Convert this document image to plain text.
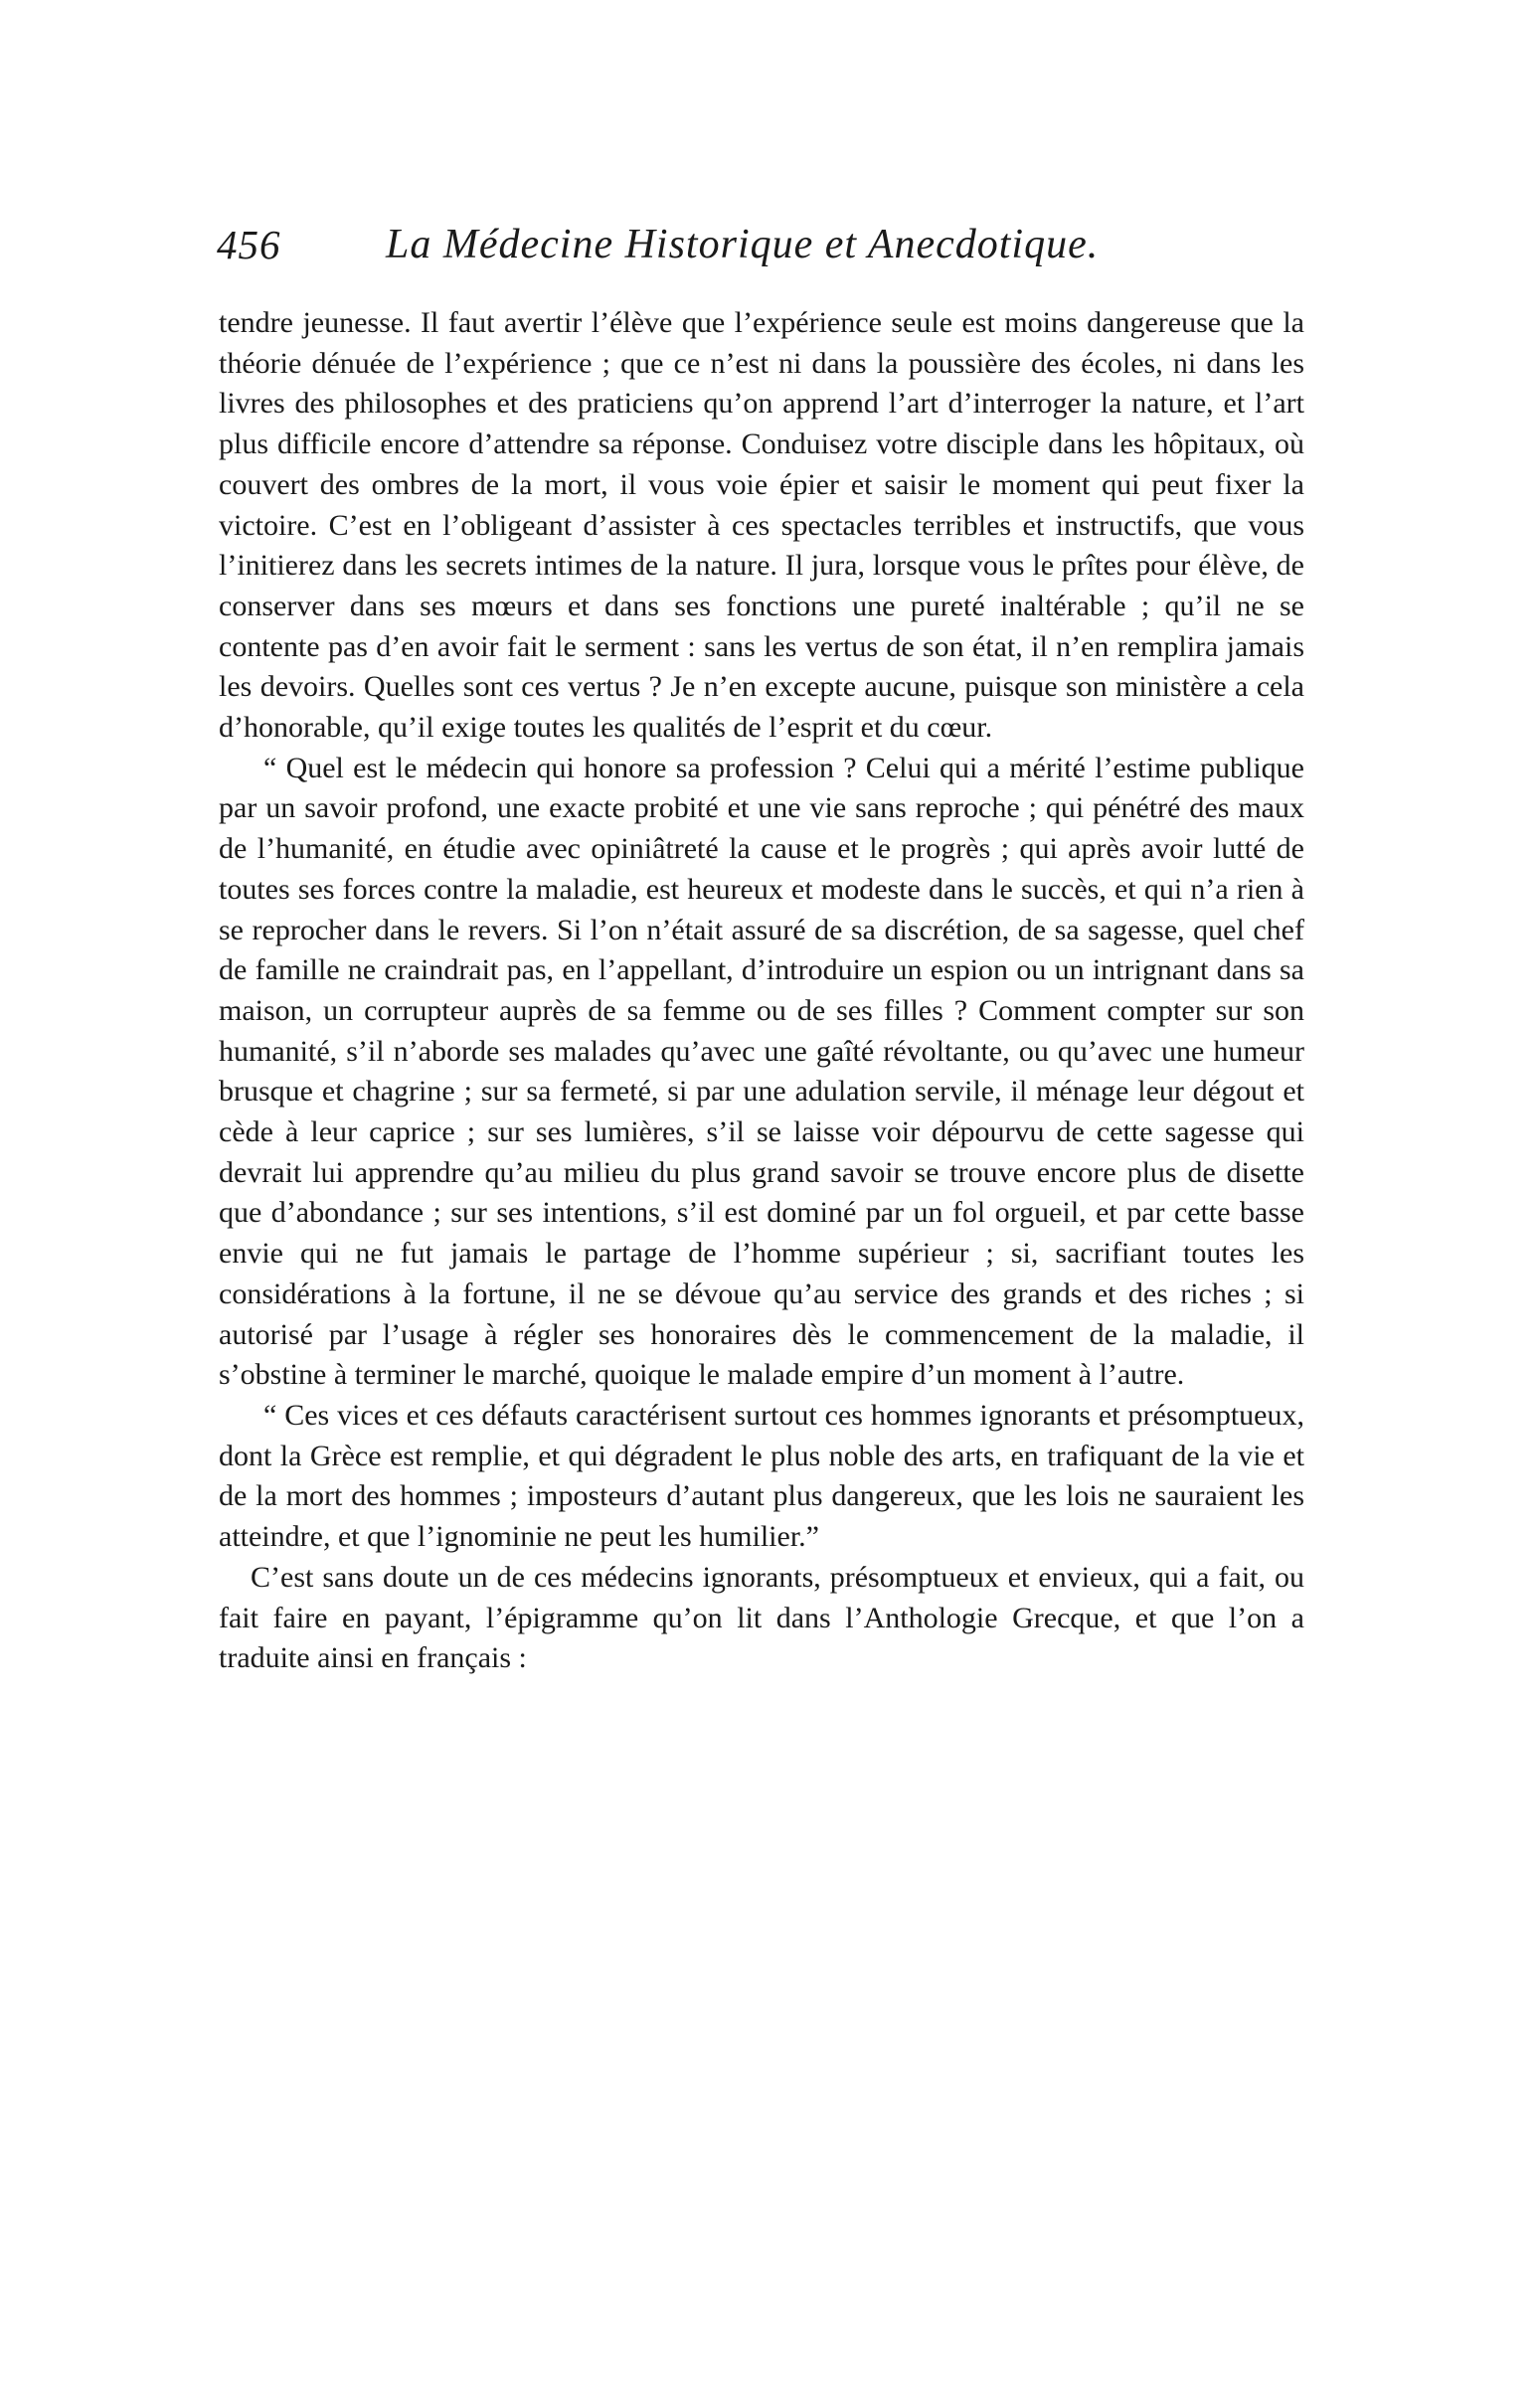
456	La Médecine Historique et Anecdotique.

tendre jeunesse. Il faut avertir l’élève que l’expérience seule est moins dangereuse que la théorie dénuée de l’expérience ; que ce n’est ni dans la poussière des écoles, ni dans les livres des philosophes et des praticiens qu’on apprend l’art d’interroger la nature, et l’art plus difficile encore d’attendre sa réponse. Conduisez votre disciple dans les hôpitaux, où couvert des ombres de la mort, il vous voie épier et saisir le moment qui peut fixer la victoire. C’est en l’obligeant d’assister à ces spectacles terribles et instructifs, que vous l’initierez dans les secrets intimes de la nature. Il jura, lorsque vous le prîtes pour élève, de conserver dans ses mœurs et dans ses fonctions une pureté inaltérable ; qu’il ne se contente pas d’en avoir fait le serment : sans les vertus de son état, il n’en remplira jamais les devoirs. Quelles sont ces vertus ? Je n’en excepte aucune, puisque son ministère a cela d’honorable, qu’il exige toutes les qualités de l’esprit et du cœur.

“ Quel est le médecin qui honore sa profession ? Celui qui a mérité l’estime publique par un savoir profond, une exacte probité et une vie sans reproche ; qui pénétré des maux de l’humanité, en étudie avec opiniâtreté la cause et le progrès ; qui après avoir lutté de toutes ses forces contre la maladie, est heureux et modeste dans le succès, et qui n’a rien à se reprocher dans le revers. Si l’on n’était assuré de sa discrétion, de sa sagesse, quel chef de famille ne craindrait pas, en l’appellant, d’introduire un espion ou un intrignant dans sa maison, un corrupteur auprès de sa femme ou de ses filles ? Comment compter sur son humanité, s’il n’aborde ses malades qu’avec une gaîté révoltante, ou qu’avec une humeur brusque et chagrine ; sur sa fermeté, si par une adulation servile, il ménage leur dégout et cède à leur caprice ; sur ses lumières, s’il se laisse voir dépourvu de cette sagesse qui devrait lui apprendre qu’au milieu du plus grand savoir se trouve encore plus de disette que d’abondance ; sur ses intentions, s’il est dominé par un fol orgueil, et par cette basse envie qui ne fut jamais le partage de l’homme supérieur ; si, sacrifiant toutes les considérations à la fortune, il ne se dévoue qu’au service des grands et des riches ; si autorisé par l’usage à régler ses honoraires dès le commencement de la maladie, il s’obstine à terminer le marché, quoique le malade empire d’un moment à l’autre.

“ Ces vices et ces défauts caractérisent surtout ces hommes ignorants et présomptueux, dont la Grèce est remplie, et qui dégradent le plus noble des arts, en trafiquant de la vie et de la mort des hommes ; imposteurs d’autant plus dangereux, que les lois ne sauraient les atteindre, et que l’ignominie ne peut les humilier.”

C’est sans doute un de ces médecins ignorants, présomptueux et envieux, qui a fait, ou fait faire en payant, l’épigramme qu’on lit dans l’Anthologie Grecque, et que l’on a traduite ainsi en français :
